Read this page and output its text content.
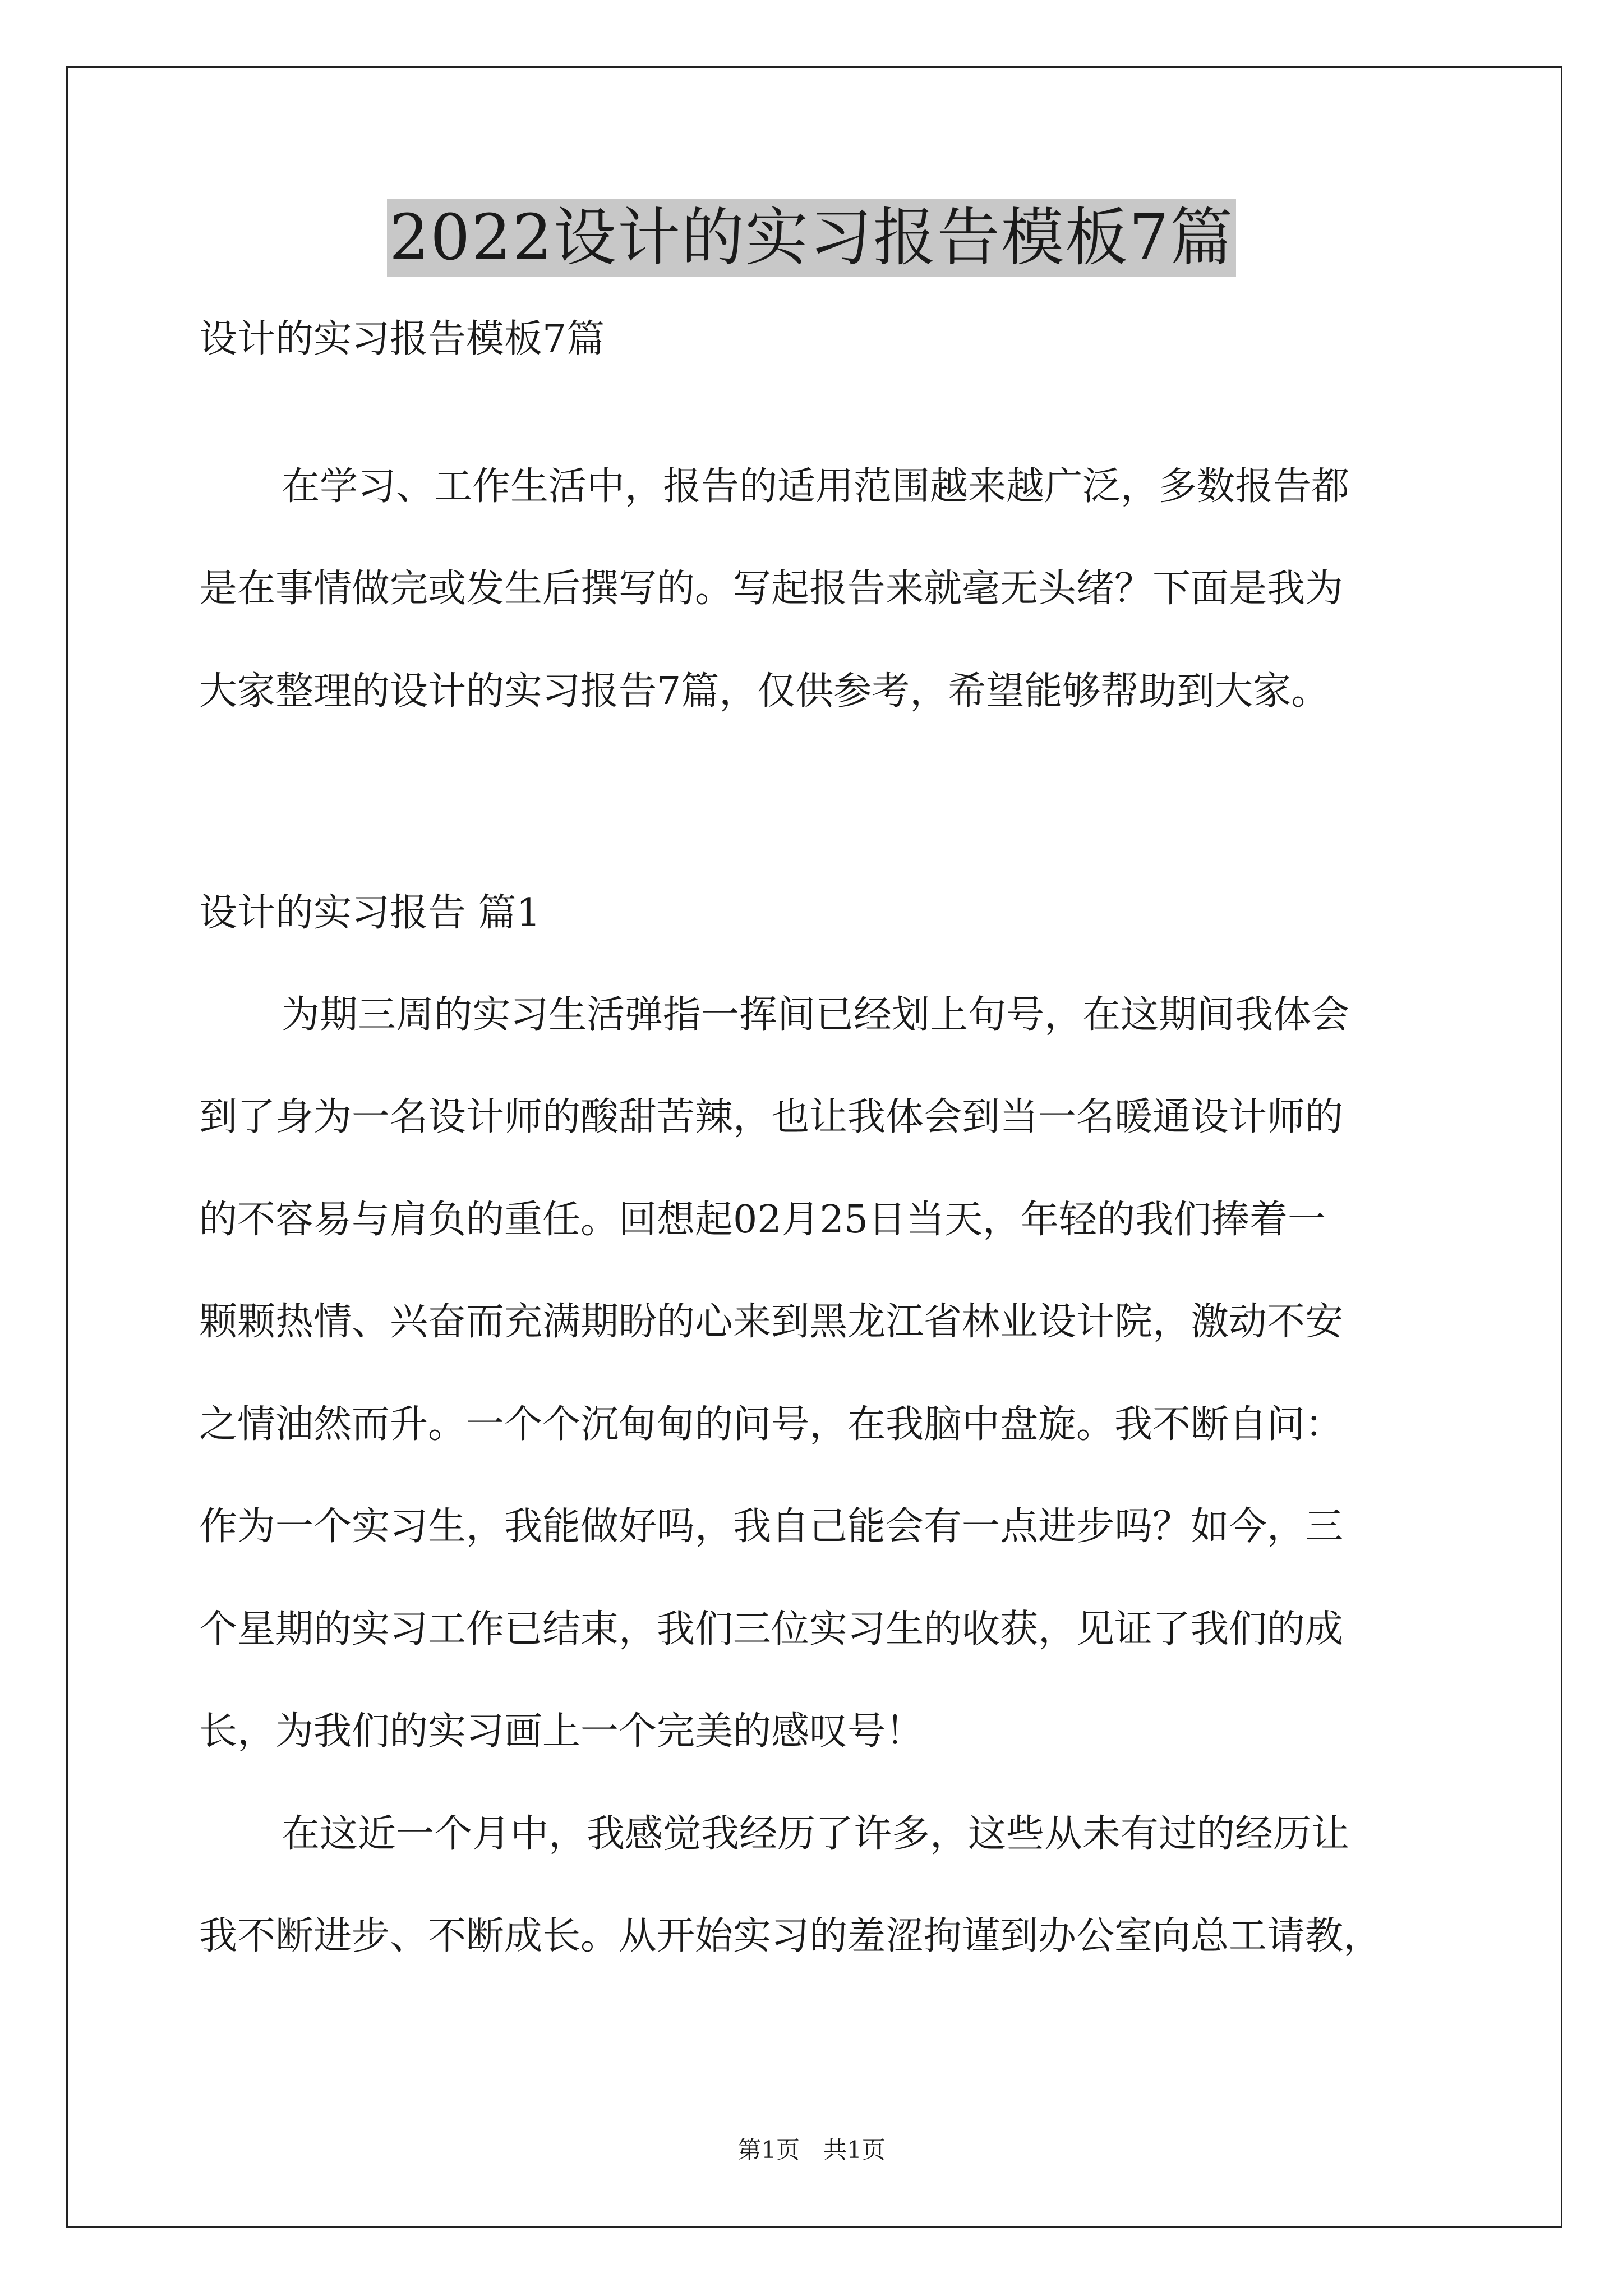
2022设计的实习报告模板7篇
设计的实习报告模板7篇
在学习、工作生活中，报告的适用范围越来越广泛，多数报告都
是在事情做完或发生后撰写的。写起报告来就毫无头绪？下面是我为
大家整理的设计的实习报告7篇，仅供参考，希望能够帮助到大家。
设计的实习报告 篇1
为期三周的实习生活弹指一挥间已经划上句号，在这期间我体会
到了身为一名设计师的酸甜苦辣，也让我体会到当一名暖通设计师的
的不容易与肩负的重任。回想起02月25日当天，年轻的我们捧着一
颗颗热情、兴奋而充满期盼的心来到黑龙江省林业设计院，激动不安
之情油然而升。一个个沉甸甸的问号，在我脑中盘旋。我不断自问：
作为一个实习生，我能做好吗，我自己能会有一点进步吗？如今，三
个星期的实习工作已结束，我们三位实习生的收获，见证了我们的成
长，为我们的实习画上一个完美的感叹号！
在这近一个月中，我感觉我经历了许多，这些从未有过的经历让
我不断进步、不断成长。从开始实习的羞涩拘谨到办公室向总工请教，
第1页　共1页
